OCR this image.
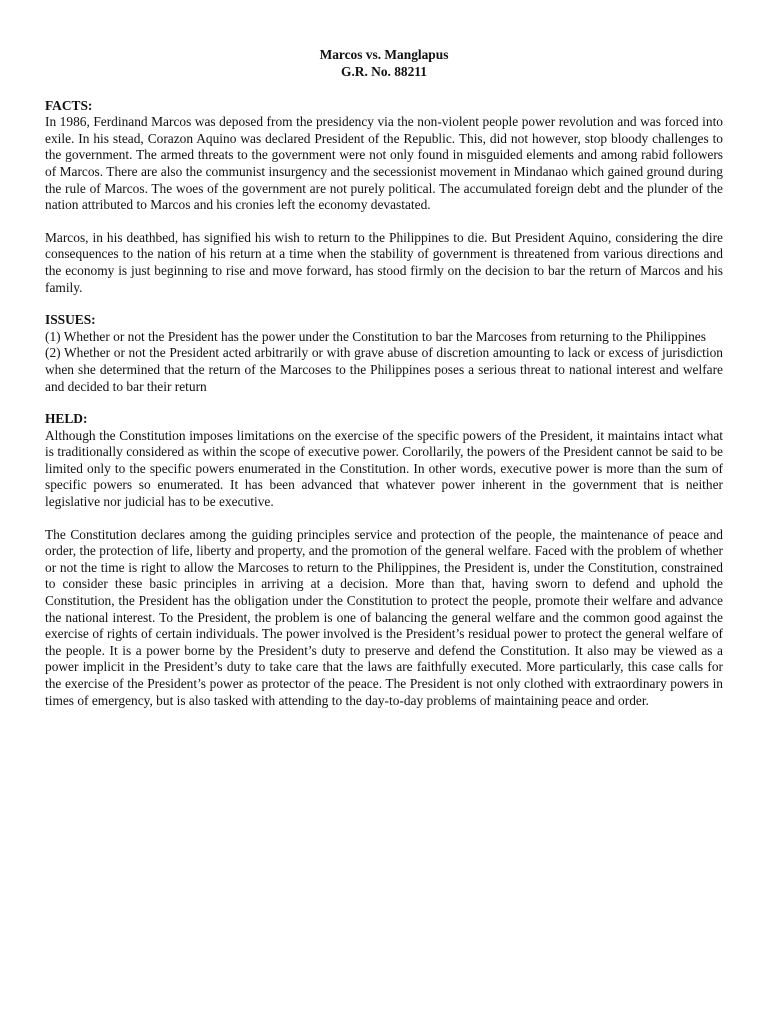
Marcos vs. Manglapus
G.R. No. 88211

FACTS:

In 1986, Ferdinand Marcos was deposed from the presidency via the non-violent people power revolution and was forced into exile. In his stead, Corazon Aquino was declared President of the Republic. This, did not however, stop bloody challenges to the government. The armed threats to the government were not only found in misguided elements and among rabid followers of Marcos. There are also the communist insurgency and the secessionist movement in Mindanao which gained ground during the rule of Marcos. The woes of the government are not purely political. The accumulated foreign debt and the plunder of the nation attributed to Marcos and his cronies left the economy devastated.

Marcos, in his deathbed, has signified his wish to return to the Philippines to die. But President Aquino, considering the dire consequences to the nation of his return at a time when the stability of government is threatened from various directions and the economy is just beginning to rise and move forward, has stood firmly on the decision to bar the return of Marcos and his family.

ISSUES:

(1) Whether or not the President has the power under the Constitution to bar the Marcoses from returning to the Philippines

(2) Whether or not the President acted arbitrarily or with grave abuse of discretion amounting to lack or excess of jurisdiction when she determined that the return of the Marcoses to the Philippines poses a serious threat to national interest and welfare and decided to bar their return

HELD:

Although the Constitution imposes limitations on the exercise of the specific powers of the President, it maintains intact what is traditionally considered as within the scope of executive power. Corollarily, the powers of the President cannot be said to be limited only to the specific powers enumerated in the Constitution. In other words, executive power is more than the sum of specific powers so enumerated. It has been advanced that whatever power inherent in the government that is neither legislative nor judicial has to be executive.

The Constitution declares among the guiding principles service and protection of the people, the maintenance of peace and order, the protection of life, liberty and property, and the promotion of the general welfare. Faced with the problem of whether or not the time is right to allow the Marcoses to return to the Philippines, the President is, under the Constitution, constrained to consider these basic principles in arriving at a decision. More than that, having sworn to defend and uphold the Constitution, the President has the obligation under the Constitution to protect the people, promote their welfare and advance the national interest. To the President, the problem is one of balancing the general welfare and the common good against the exercise of rights of certain individuals. The power involved is the President’s residual power to protect the general welfare of the people. It is a power borne by the President’s duty to preserve and defend the Constitution. It also may be viewed as a power implicit in the President’s duty to take care that the laws are faithfully executed. More particularly, this case calls for the exercise of the President’s power as protector of the peace. The President is not only clothed with extraordinary powers in times of emergency, but is also tasked with attending to the day-to-day problems of maintaining peace and order.
